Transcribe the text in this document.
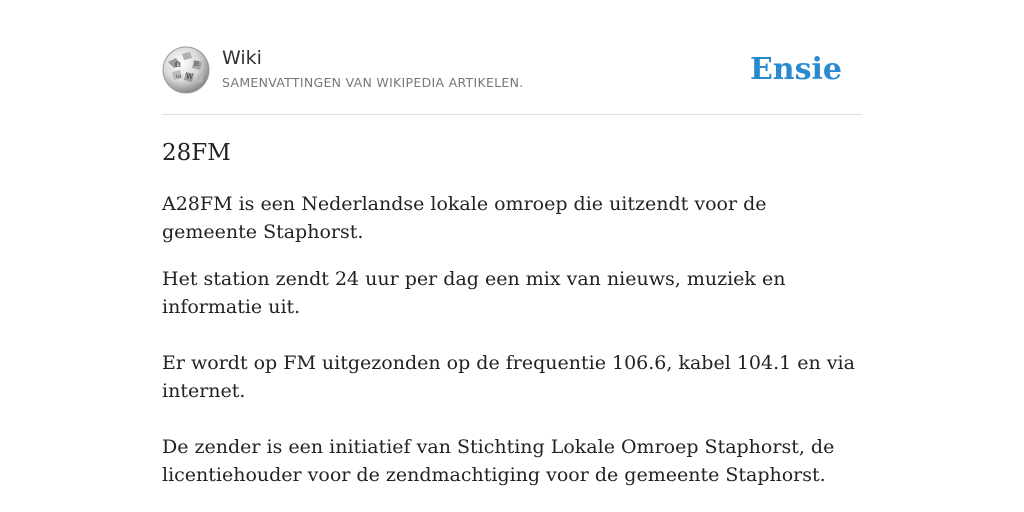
Ω
W
И
ω
Wiki
SAMENVATTINGEN VAN WIKIPEDIA ARTIKELEN.	Ensie
28FM

A28FM is een Nederlandse lokale omroep die uitzendt voor de gemeente Staphorst.

Het station zendt 24 uur per dag een mix van nieuws, muziek en informatie uit.

Er wordt op FM uitgezonden op de frequentie 106.6, kabel 104.1 en via internet.

De zender is een initiatief van Stichting Lokale Omroep Staphorst, de licentiehouder voor de zendmachtiging voor de gemeente Staphorst.
